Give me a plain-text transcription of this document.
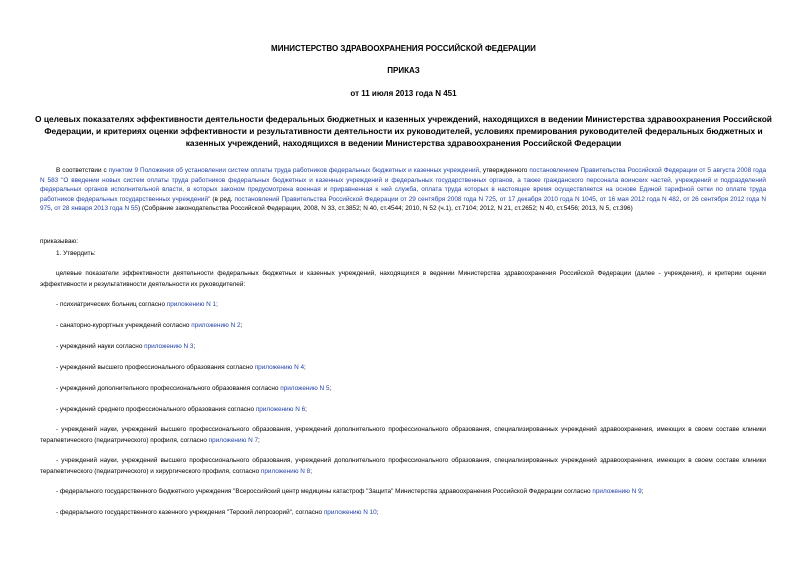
МИНИСТЕРСТВО ЗДРАВООХРАНЕНИЯ РОССИЙСКОЙ ФЕДЕРАЦИИ
ПРИКАЗ
от 11 июля 2013 года N 451
О целевых показателях эффективности деятельности федеральных бюджетных и казенных учреждений, находящихся в ведении Министерства здравоохранения Российской Федерации, и критериях оценки эффективности и результативности деятельности их руководителей, условиях премирования руководителей федеральных бюджетных и казенных учреждений, находящихся в ведении Министерства здравоохранения Российской Федерации
В соответствии с пунктом 9 Положения об установлении систем оплаты труда работников федеральных бюджетных и казенных учреждений, утвержденного постановлением Правительства Российской Федерации от 5 августа 2008 года N 583 "О введении новых систем оплаты труда работников федеральных бюджетных и казенных учреждений и федеральных государственных органов, а также гражданского персонала воинских частей, учреждений и подразделений федеральных органов исполнительной власти, в которых законом предусмотрена военная и приравненная к ней служба, оплата труда которых в настоящее время осуществляется на основе Единой тарифной сетки по оплате труда работников федеральных государственных учреждений" (в ред. постановлений Правительства Российской Федерации от 29 сентября 2008 года N 725, от 17 декабря 2010 года N 1045, от 16 мая 2012 года N 482, от 26 сентября 2012 года N 975, от 28 января 2013 года N 55) (Собрание законодательства Российской Федерации, 2008, N 33, ст.3852; N 40, ст.4544; 2010, N 52 (ч.1), ст.7104; 2012, N 21, ст.2652; N 40, ст.5456; 2013, N 5, ст.396)
приказываю:
1. Утвердить:
целевые показатели эффективности деятельности федеральных бюджетных и казенных учреждений, находящихся в ведении Министерства здравоохранения Российской Федерации (далее - учреждения), и критерии оценки эффективности и результативности деятельности их руководителей:
- психиатрических больниц согласно приложению N 1;
- санаторно-курортных учреждений согласно приложению N 2;
- учреждений науки согласно приложению N 3;
- учреждений высшего профессионального образования согласно приложению N 4;
- учреждений дополнительного профессионального образования согласно приложению N 5;
- учреждений среднего профессионального образования согласно приложению N 6;
- учреждений науки, учреждений высшего профессионального образования, учреждений дополнительного профессионального образования, специализированных учреждений здравоохранения, имеющих в своем составе клиники терапевтического (педиатрического) профиля, согласно приложению N 7;
- учреждений науки, учреждений высшего профессионального образования, учреждений дополнительного профессионального образования, специализированных учреждений здравоохранения, имеющих в своем составе клиники терапевтического (педиатрического) и хирургического профиля, согласно приложению N 8;
- федерального государственного бюджетного учреждения "Всероссийский центр медицины катастроф "Защита" Министерства здравоохранения Российской Федерации согласно приложению N 9;
- федерального государственного казенного учреждения "Терский лепрозорий", согласно приложению N 10;
